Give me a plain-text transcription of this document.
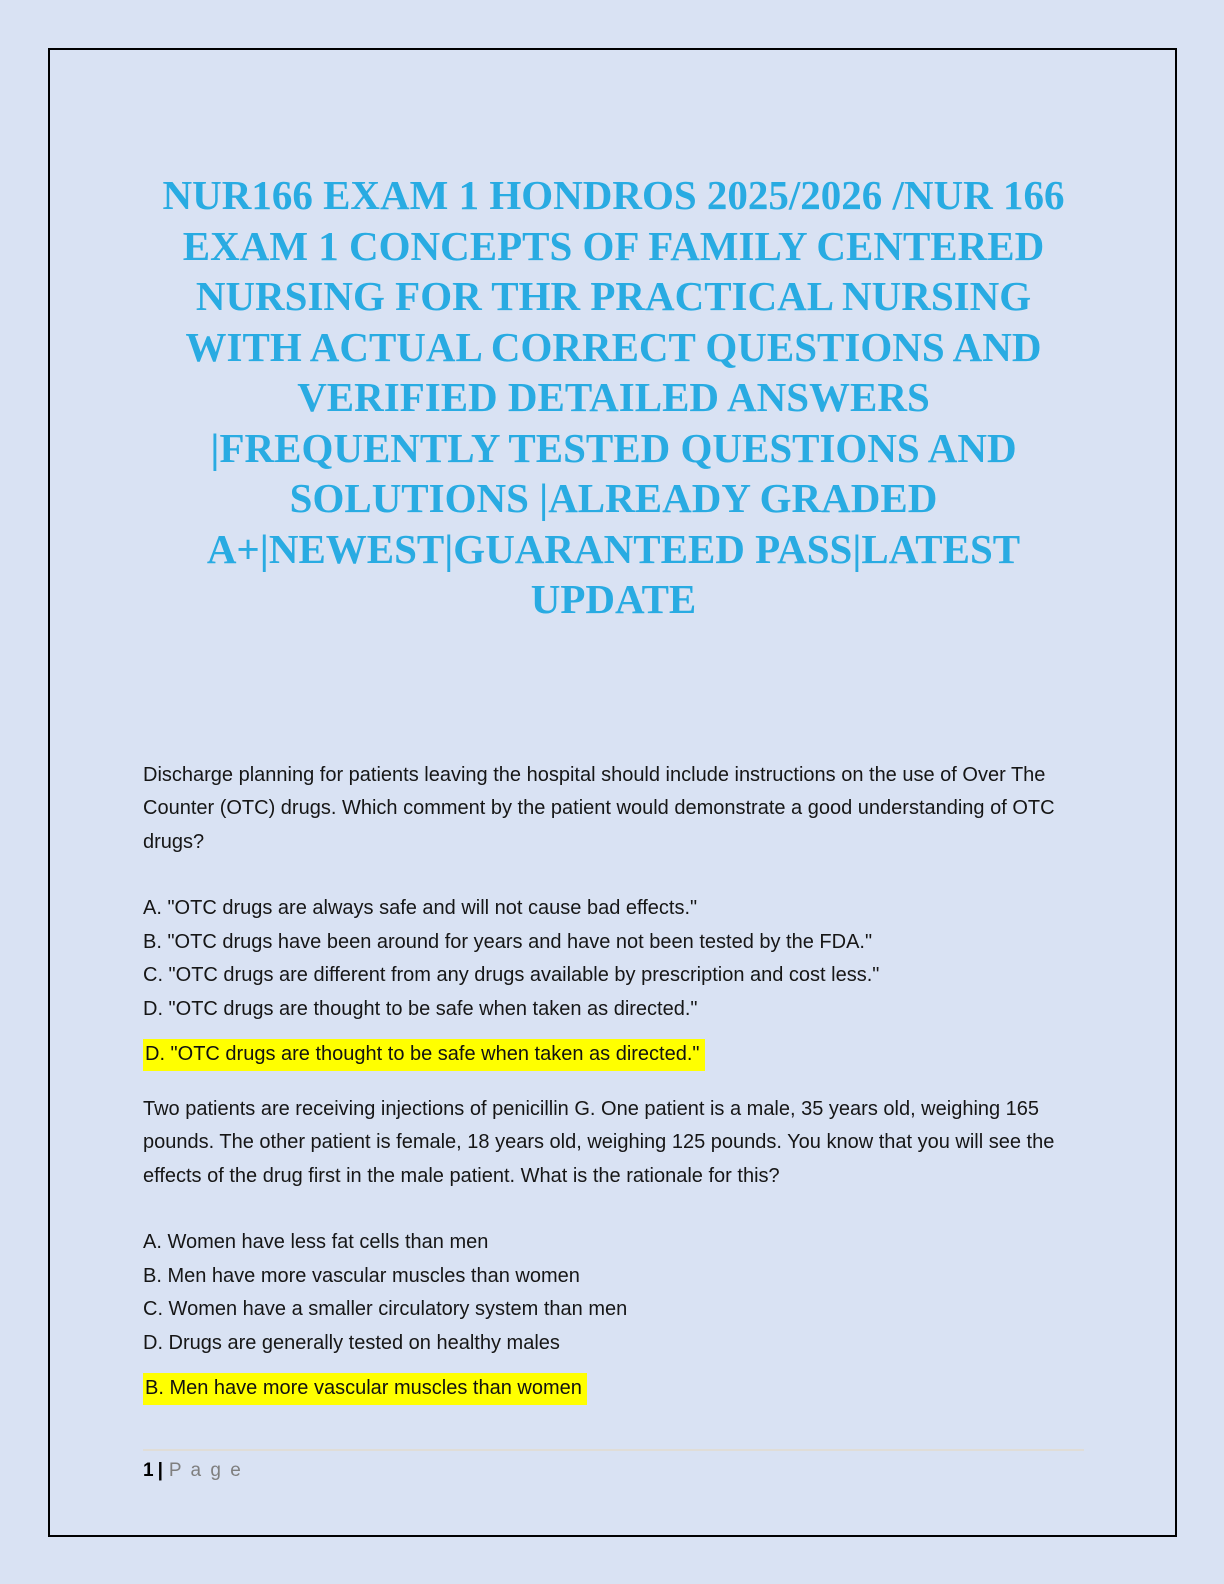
NUR166 EXAM 1 HONDROS 2025/2026 /NUR 166
EXAM 1 CONCEPTS OF FAMILY CENTERED
NURSING FOR THR PRACTICAL NURSING
WITH ACTUAL CORRECT QUESTIONS AND
VERIFIED DETAILED ANSWERS
|FREQUENTLY TESTED QUESTIONS AND
SOLUTIONS |ALREADY GRADED
A+|NEWEST|GUARANTEED PASS|LATEST
UPDATE

Discharge planning for patients leaving the hospital should include instructions on the use of Over The Counter (OTC) drugs. Which comment by the patient would demonstrate a good understanding of OTC drugs?

A. "OTC drugs are always safe and will not cause bad effects."
B. "OTC drugs have been around for years and have not been tested by the FDA."
C. "OTC drugs are different from any drugs available by prescription and cost less."
D. "OTC drugs are thought to be safe when taken as directed."

D. "OTC drugs are thought to be safe when taken as directed."

Two patients are receiving injections of penicillin G. One patient is a male, 35 years old, weighing 165 pounds. The other patient is female, 18 years old, weighing 125 pounds. You know that you will see the effects of the drug first in the male patient. What is the rationale for this?

A. Women have less fat cells than men
B. Men have more vascular muscles than women
C. Women have a smaller circulatory system than men
D. Drugs are generally tested on healthy males

B. Men have more vascular muscles than women

1 | P a g e
